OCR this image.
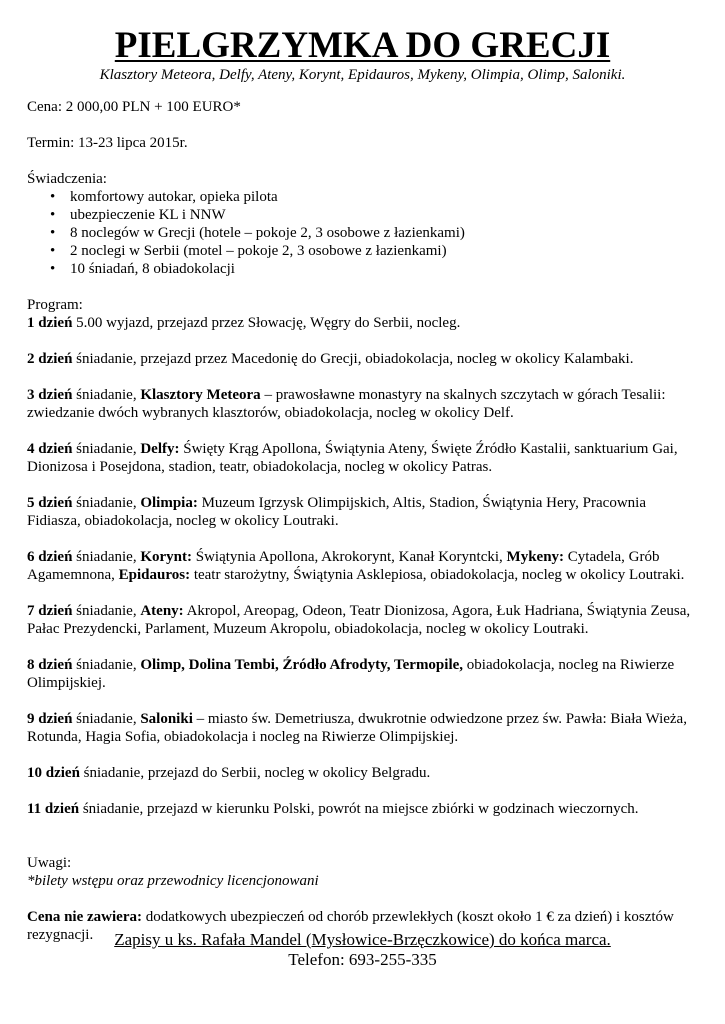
PIELGRZYMKA DO GRECJI
Klasztory Meteora, Delfy, Ateny, Korynt, Epidauros, Mykeny, Olimpia, Olimp, Saloniki.

Cena: 2 000,00 PLN + 100 EURO*

Termin: 13-23 lipca 2015r.

Świadczenia:

• komfortowy autokar, opieka pilota
• ubezpieczenie KL i NNW
• 8 noclegów w Grecji (hotele – pokoje 2, 3 osobowe z łazienkami)
• 2 noclegi w Serbii (motel – pokoje 2, 3 osobowe z łazienkami)
• 10 śniadań, 8 obiadokolacji

Program:

1 dzień 5.00 wyjazd, przejazd przez Słowację, Węgry do Serbii, nocleg.

2 dzień śniadanie, przejazd przez Macedonię do Grecji, obiadokolacja, nocleg w okolicy Kalambaki.

3 dzień śniadanie, Klasztory Meteora – prawosławne monastyry na skalnych szczytach w górach Tesalii: zwiedzanie dwóch wybranych klasztorów, obiadokolacja, nocleg w okolicy Delf.

4 dzień śniadanie, Delfy: Święty Krąg Apollona, Świątynia Ateny, Święte Źródło Kastalii, sanktuarium Gai, Dionizosa i Posejdona, stadion, teatr, obiadokolacja, nocleg w okolicy Patras.

5 dzień śniadanie, Olimpia: Muzeum Igrzysk Olimpijskich, Altis, Stadion, Świątynia Hery, Pracownia Fidiasza, obiadokolacja, nocleg w okolicy Loutraki.

6 dzień śniadanie, Korynt: Świątynia Apollona, Akrokorynt, Kanał Koryntcki, Mykeny: Cytadela, Grób Agamemnona, Epidauros: teatr starożytny, Świątynia Asklepiosa, obiadokolacja, nocleg w okolicy Loutraki.

7 dzień śniadanie, Ateny: Akropol, Areopag, Odeon, Teatr Dionizosa, Agora, Łuk Hadriana, Świątynia Zeusa, Pałac Prezydencki, Parlament, Muzeum Akropolu, obiadokolacja, nocleg w okolicy Loutraki.

8 dzień śniadanie, Olimp, Dolina Tembi, Źródło Afrodyty, Termopile, obiadokolacja, nocleg na Riwierze Olimpijskiej.

9 dzień śniadanie, Saloniki – miasto św. Demetriusza, dwukrotnie odwiedzone przez św. Pawła: Biała Wieża, Rotunda, Hagia Sofia, obiadokolacja i nocleg na Riwierze Olimpijskiej.

10 dzień śniadanie, przejazd do Serbii, nocleg w okolicy Belgradu.

11 dzień śniadanie, przejazd w kierunku Polski, powrót na miejsce zbiórki w godzinach wieczornych.

Uwagi:

*bilety wstępu oraz przewodnicy licencjonowani

Cena nie zawiera: dodatkowych ubezpieczeń od chorób przewlekłych (koszt około 1 € za dzień) i kosztów rezygnacji.	Zapisy u ks. Rafała Mandel (Mysłowice-Brzęczkowice) do końca marca.
Telefon: 693-255-335
